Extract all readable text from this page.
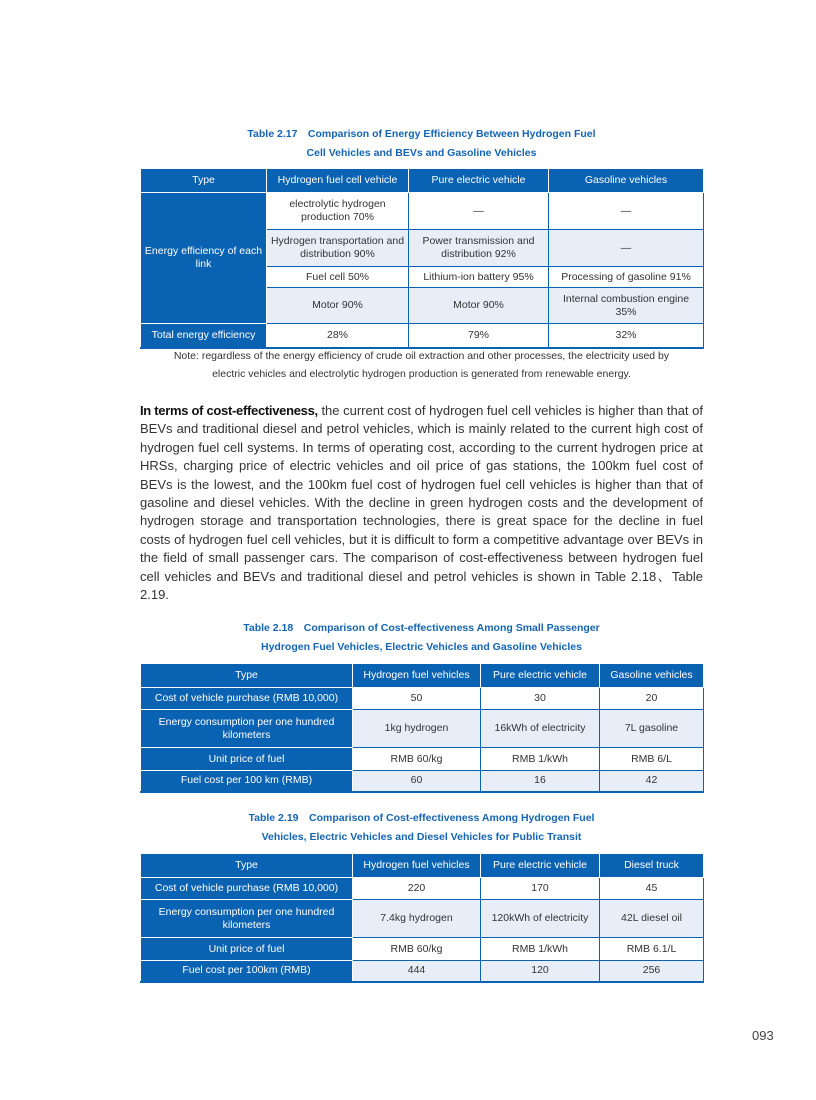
Table 2.17　Comparison of Energy Efficiency Between Hydrogen Fuel
Cell Vehicles and BEVs and Gasoline Vehicles
Type	Hydrogen fuel cell vehicle	Pure electric vehicle	Gasoline vehicles
Energy efficiency of each link	electrolytic hydrogen production 70%	—	—
	Hydrogen transportation and distribution 90%	Power transmission and distribution 92%	—
	Fuel cell 50%	Lithium-ion battery 95%	Processing of gasoline 91%
	Motor 90%	Motor 90%	Internal combustion engine 35%
Total energy efficiency	28%	79%	32%
Note: regardless of the energy efficiency of crude oil extraction and other processes, the electricity used by
electric vehicles and electrolytic hydrogen production is generated from renewable energy.
In terms of cost-effectiveness, the current cost of hydrogen fuel cell vehicles is higher than that of BEVs and traditional diesel and petrol vehicles, which is mainly related to the current high cost of hydrogen fuel cell systems. In terms of operating cost, according to the current hydrogen price at HRSs, charging price of electric vehicles and oil price of gas stations, the 100km fuel cost of BEVs is the lowest, and the 100km fuel cost of hydrogen fuel cell vehicles is higher than that of gasoline and diesel vehicles. With the decline in green hydrogen costs and the development of hydrogen storage and transportation technologies, there is great space for the decline in fuel costs of hydrogen fuel cell vehicles, but it is difficult to form a competitive advantage over BEVs in the field of small passenger cars. The comparison of cost-effectiveness between hydrogen fuel cell vehicles and BEVs and traditional diesel and petrol vehicles is shown in Table 2.18、Table 2.19.
Table 2.18　Comparison of Cost-effectiveness Among Small Passenger
Hydrogen Fuel Vehicles, Electric Vehicles and Gasoline Vehicles
Type	Hydrogen fuel vehicles	Pure electric vehicle	Gasoline vehicles
Cost of vehicle purchase (RMB 10,000)	50	30	20
Energy consumption per one hundred kilometers	1kg hydrogen	16kWh of electricity	7L gasoline
Unit price of fuel	RMB 60/kg	RMB 1/kWh	RMB 6/L
Fuel cost per 100 km (RMB)	60	16	42
Table 2.19　Comparison of Cost-effectiveness Among Hydrogen Fuel
Vehicles, Electric Vehicles and Diesel Vehicles for Public Transit
Type	Hydrogen fuel vehicles	Pure electric vehicle	Diesel truck
Cost of vehicle purchase (RMB 10,000)	220	170	45
Energy consumption per one hundred kilometers	7.4kg hydrogen	120kWh of electricity	42L diesel oil
Unit price of fuel	RMB 60/kg	RMB 1/kWh	RMB 6.1/L
Fuel cost per 100km (RMB)	444	120	256
093
